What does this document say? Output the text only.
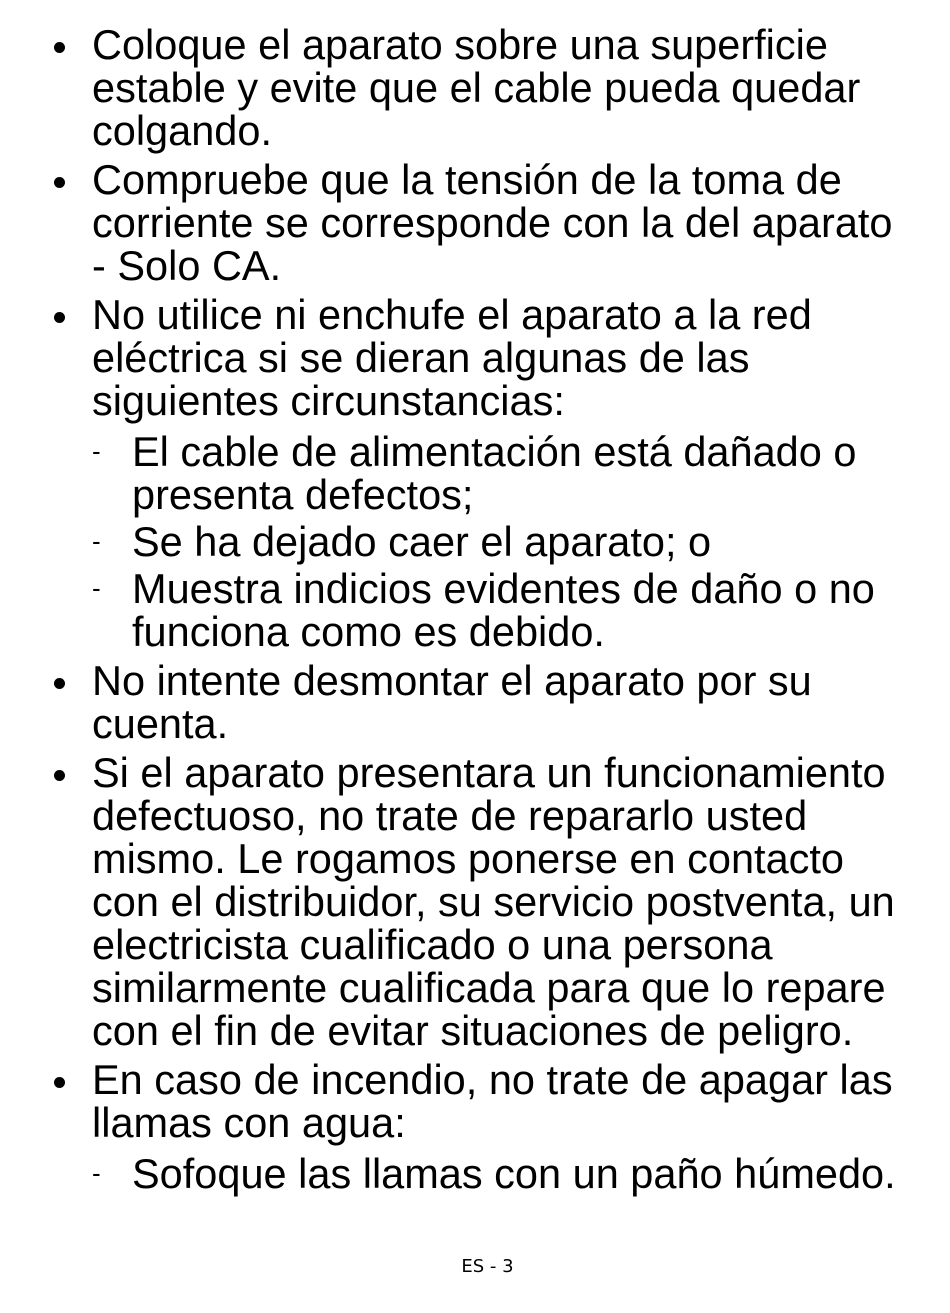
Coloque el aparato sobre una superficie estable y evite que el cable pueda quedar colgando.
Compruebe que la tensión de la toma de corriente se corresponde con la del aparato - Solo CA.
No utilice ni enchufe el aparato a la red eléctrica si se dieran algunas de las siguientes circunstancias:
- El cable de alimentación está dañado o presenta defectos;
- Se ha dejado caer el aparato; o
- Muestra indicios evidentes de daño o no funciona como es debido.
No intente desmontar el aparato por su cuenta.
Si el aparato presentara un funcionamiento defectuoso, no trate de repararlo usted mismo. Le rogamos ponerse en contacto con el distribuidor, su servicio postventa, un electricista cualificado o una persona similarmente cualificada para que lo repare con el fin de evitar situaciones de peligro.
En caso de incendio, no trate de apagar las llamas con agua:
- Sofoque las llamas con un paño húmedo.
ES - 3
